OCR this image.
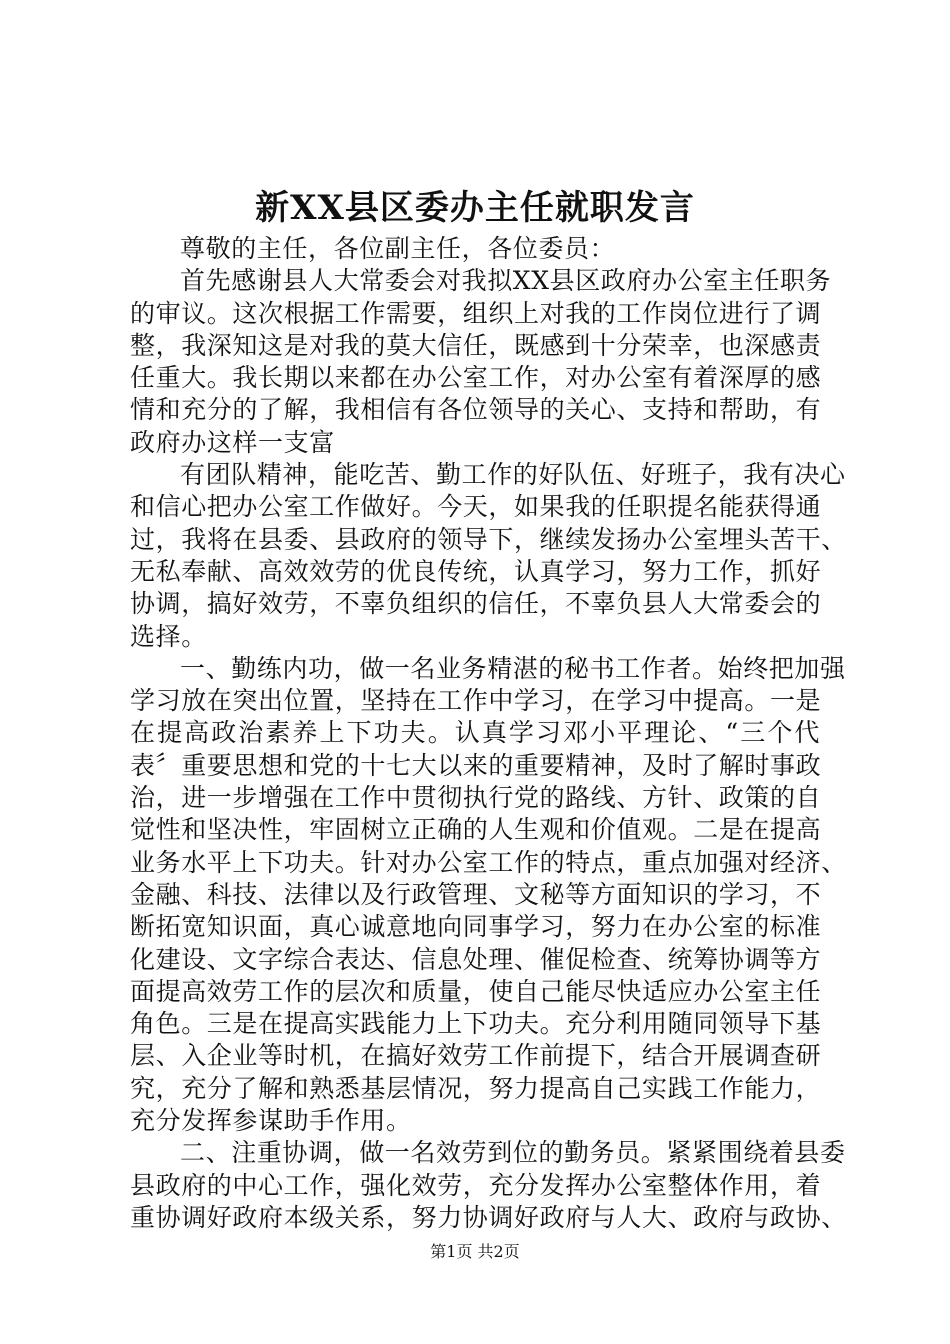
新XX县区委办主任就职发言
尊敬的主任，各位副主任，各位委员：
首先感谢县人大常委会对我拟XX县区政府办公室主任职务
的审议。这次根据工作需要，组织上对我的工作岗位进行了调
整，我深知这是对我的莫大信任，既感到十分荣幸，也深感责
任重大。我长期以来都在办公室工作，对办公室有着深厚的感
情和充分的了解，我相信有各位领导的关心、支持和帮助，有
政府办这样一支富
有团队精神，能吃苦、勤工作的好队伍、好班子，我有决心
和信心把办公室工作做好。今天，如果我的任职提名能获得通
过，我将在县委、县政府的领导下，继续发扬办公室埋头苦干、
无私奉献、高效效劳的优良传统，认真学习，努力工作，抓好
协调，搞好效劳，不辜负组织的信任，不辜负县人大常委会的
选择。
一、勤练内功，做一名业务精湛的秘书工作者。始终把加强
学习放在突出位置，坚持在工作中学习，在学习中提高。一是
在提高政治素养上下功夫。认真学习邓小平理论、“三个代
表〞重要思想和党的十七大以来的重要精神，及时了解时事政
治，进一步增强在工作中贯彻执行党的路线、方针、政策的自
觉性和坚决性，牢固树立正确的人生观和价值观。二是在提高
业务水平上下功夫。针对办公室工作的特点，重点加强对经济、
金融、科技、法律以及行政管理、文秘等方面知识的学习，不
断拓宽知识面，真心诚意地向同事学习，努力在办公室的标准
化建设、文字综合表达、信息处理、催促检查、统筹协调等方
面提高效劳工作的层次和质量，使自己能尽快适应办公室主任
角色。三是在提高实践能力上下功夫。充分利用随同领导下基
层、入企业等时机，在搞好效劳工作前提下，结合开展调查研
究，充分了解和熟悉基层情况，努力提高自己实践工作能力，
充分发挥参谋助手作用。
二、注重协调，做一名效劳到位的勤务员。紧紧围绕着县委
县政府的中心工作，强化效劳，充分发挥办公室整体作用，着
重协调好政府本级关系，努力协调好政府与人大、政府与政协、
第1页 共2页
